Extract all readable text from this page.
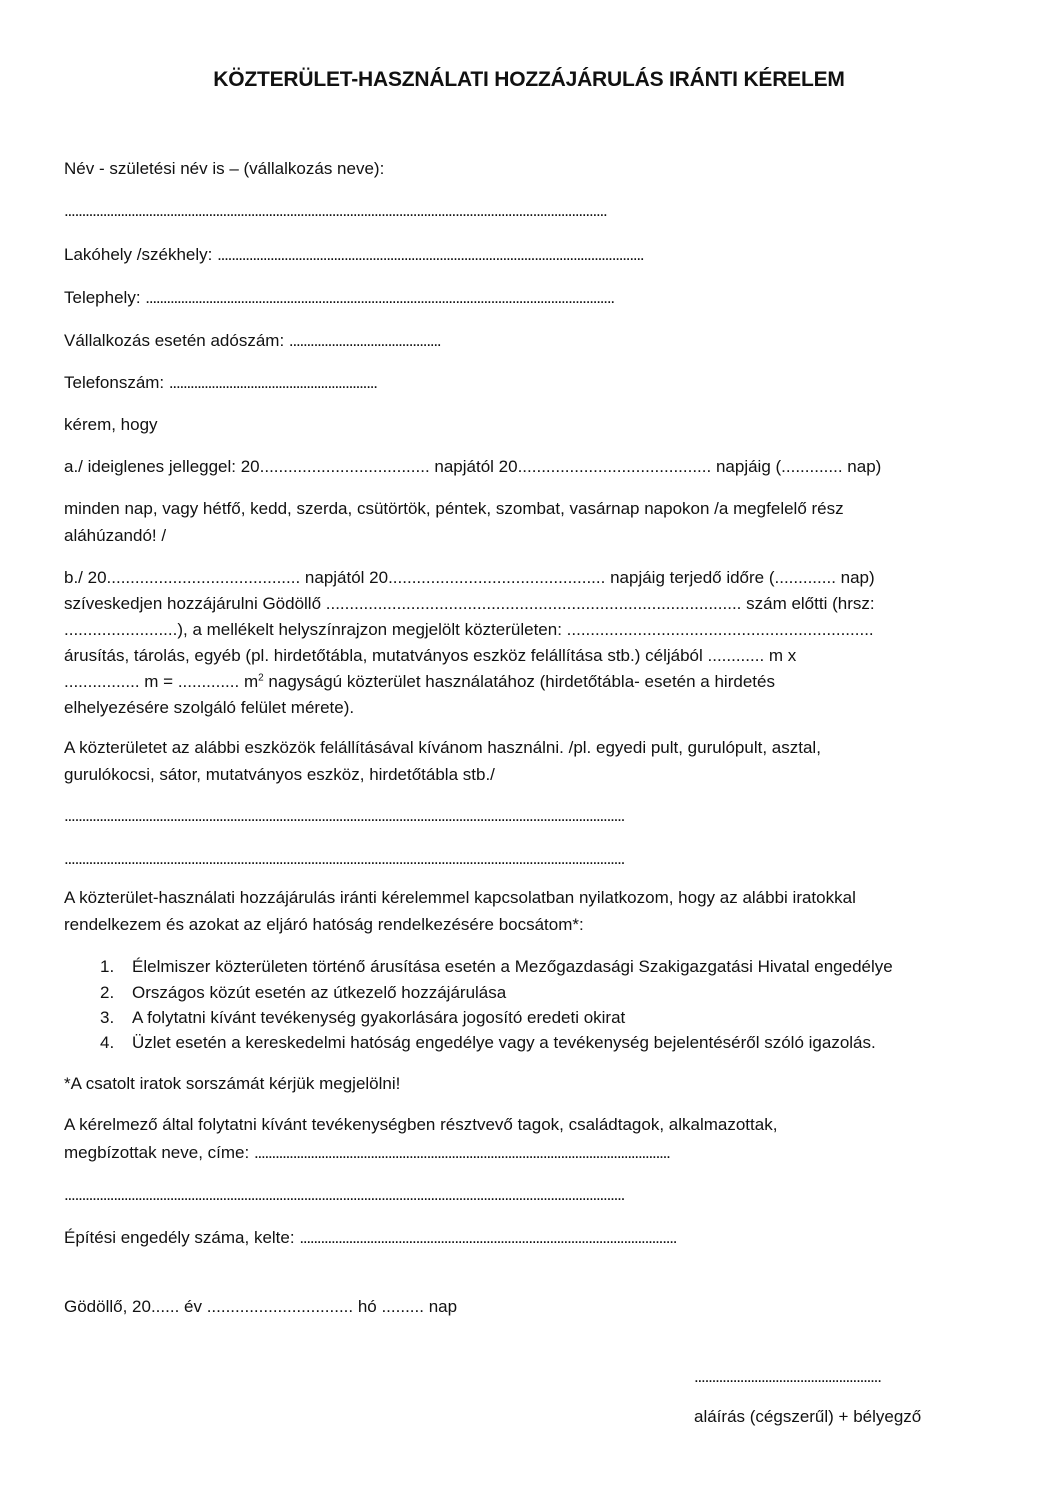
KÖZTERÜLET-HASZNÁLATI HOZZÁJÁRULÁS IRÁNTI KÉRELEM
Név - születési név is – (vállalkozás neve):
..........................................................................................................................................................
Lakóhely /székhely: .........................................................................................................................
Telephely: .....................................................................................................................................
Vállalkozás esetén adószám: ...........................................
Telefonszám: ...........................................................
kérem, hogy
a./ ideiglenes jelleggel: 20.................................... napjától 20......................................... napjáig (............. nap)
minden nap, vagy hétfő, kedd, szerda, csütörtök, péntek, szombat, vasárnap napokon /a megfelelő rész
aláhúzandó! /
b./ 20......................................... napjától 20.............................................. napjáig terjedő időre (............. nap)
szíveskedjen hozzájárulni Gödöllő ........................................................................................ szám előtti (hrsz:
........................), a mellékelt helyszínrajzon megjelölt közterületen: .................................................................
árusítás, tárolás, egyéb (pl. hirdetőtábla, mutatványos eszköz felállítása stb.) céljából ............ m x
................ m = ............. $m^2$ nagyságú közterület használatához (hirdetőtábla- esetén a hirdetés
elhelyezésére szolgáló felület mérete).
A közterületet az alábbi eszközök felállításával kívánom használni. /pl. egyedi pult, gurulópult, asztal,
gurulókocsi, sátor, mutatványos eszköz, hirdetőtábla stb./
...............................................................................................................................................................
...............................................................................................................................................................
A közterület-használati hozzájárulás iránti kérelemmel kapcsolatban nyilatkozom, hogy az alábbi iratokkal
rendelkezem és azokat az eljáró hatóság rendelkezésére bocsátom*:
1. Élelmiszer közterületen történő árusítása esetén a Mezőgazdasági Szakigazgatási Hivatal engedélye
2. Országos közút esetén az útkezelő hozzájárulása
3. A folytatni kívánt tevékenység gyakorlására jogosító eredeti okirat
4. Üzlet esetén a kereskedelmi hatóság engedélye vagy a tevékenység bejelentéséről szóló igazolás.
*A csatolt iratok sorszámát kérjük megjelölni!
A kérelmező által folytatni kívánt tevékenységben résztvevő tagok, családtagok, alkalmazottak,
megbízottak neve, címe: ......................................................................................................................
...............................................................................................................................................................
Építési engedély száma, kelte: ...........................................................................................................
Gödöllő, 20...... év ............................... hó ......... nap
.....................................................
aláírás (cégszerűl) + bélyegző
